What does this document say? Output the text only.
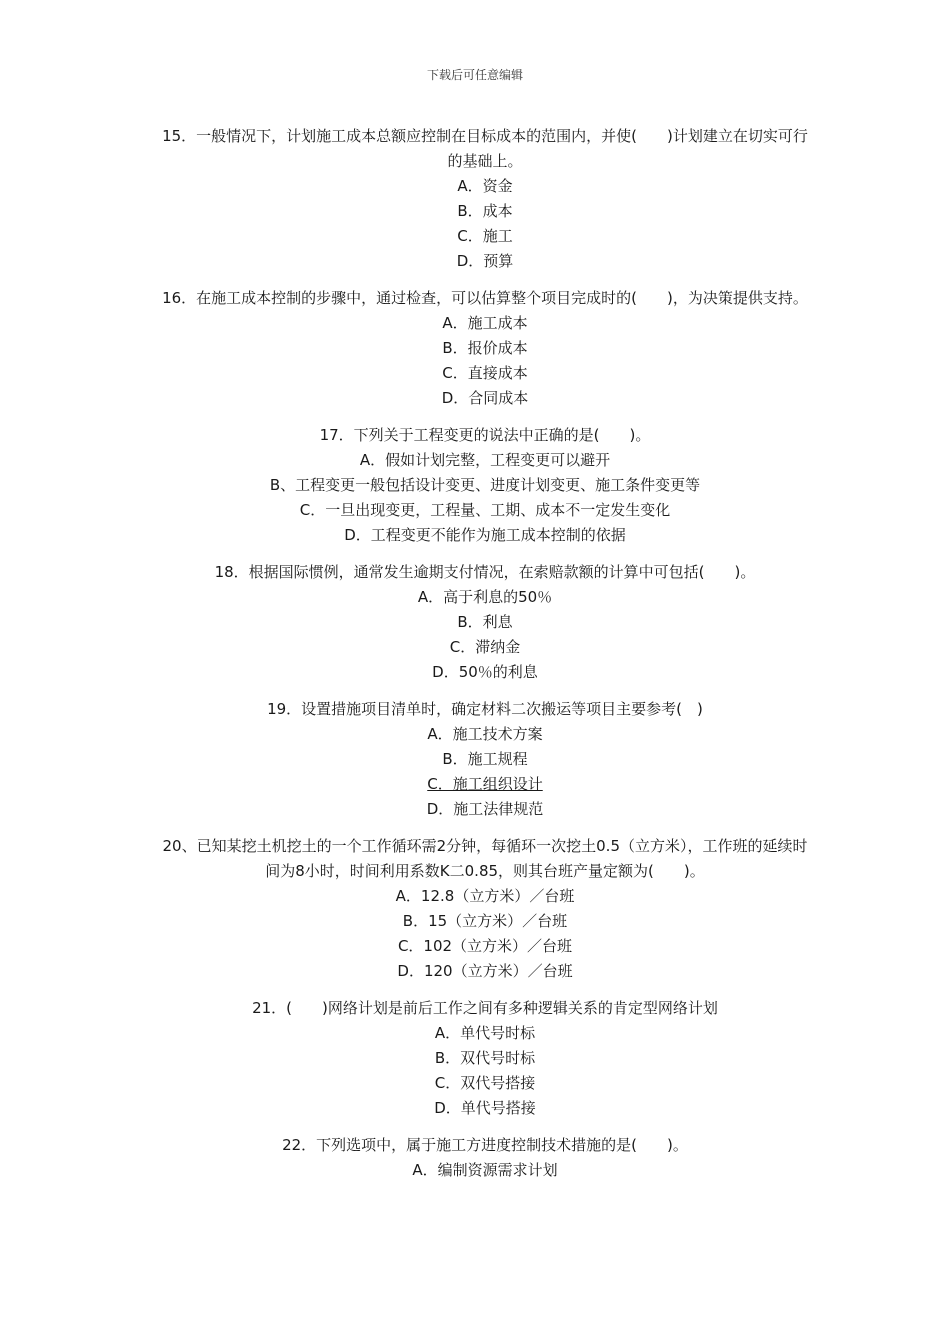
下载后可任意编辑
15．一般情况下，计划施工成本总额应控制在目标成本的范围内，并使(　　)计划建立在切实可行的基础上。
A．资金
B．成本
C．施工
D．预算
16．在施工成本控制的步骤中，通过检查，可以估算整个项目完成时的(　　)，为决策提供支持。
A．施工成本
B．报价成本
C．直接成本
D．合同成本
17．下列关于工程变更的说法中正确的是(　　)。
A．假如计划完整，工程变更可以避开
B、工程变更一般包括设计变更、进度计划变更、施工条件变更等
C．一旦出现变更，工程量、工期、成本不一定发生变化
D．工程变更不能作为施工成本控制的依据
18．根据国际惯例，通常发生逾期支付情况，在索赔款额的计算中可包括(　　)。
A．高于利息的50％
B．利息
C．滞纳金
D．50％的利息
19．设置措施项目清单时，确定材料二次搬运等项目主要参考(　)
A．施工技术方案
B．施工规程
C．施工组织设计
D．施工法律规范
20、已知某挖土机挖土的一个工作循环需2分钟，每循环一次挖土0.5（立方米），工作班的延续时间为8小时，时间利用系数K二0.85，则其台班产量定额为(　　)。
A．12.8（立方米）／台班
B．15（立方米）／台班
C．102（立方米）／台班
D．120（立方米）／台班
21．(　　)网络计划是前后工作之间有多种逻辑关系的肯定型网络计划
A．单代号时标
B．双代号时标
C．双代号搭接
D．单代号搭接
22．下列选项中，属于施工方进度控制技术措施的是(　　)。
A．编制资源需求计划
